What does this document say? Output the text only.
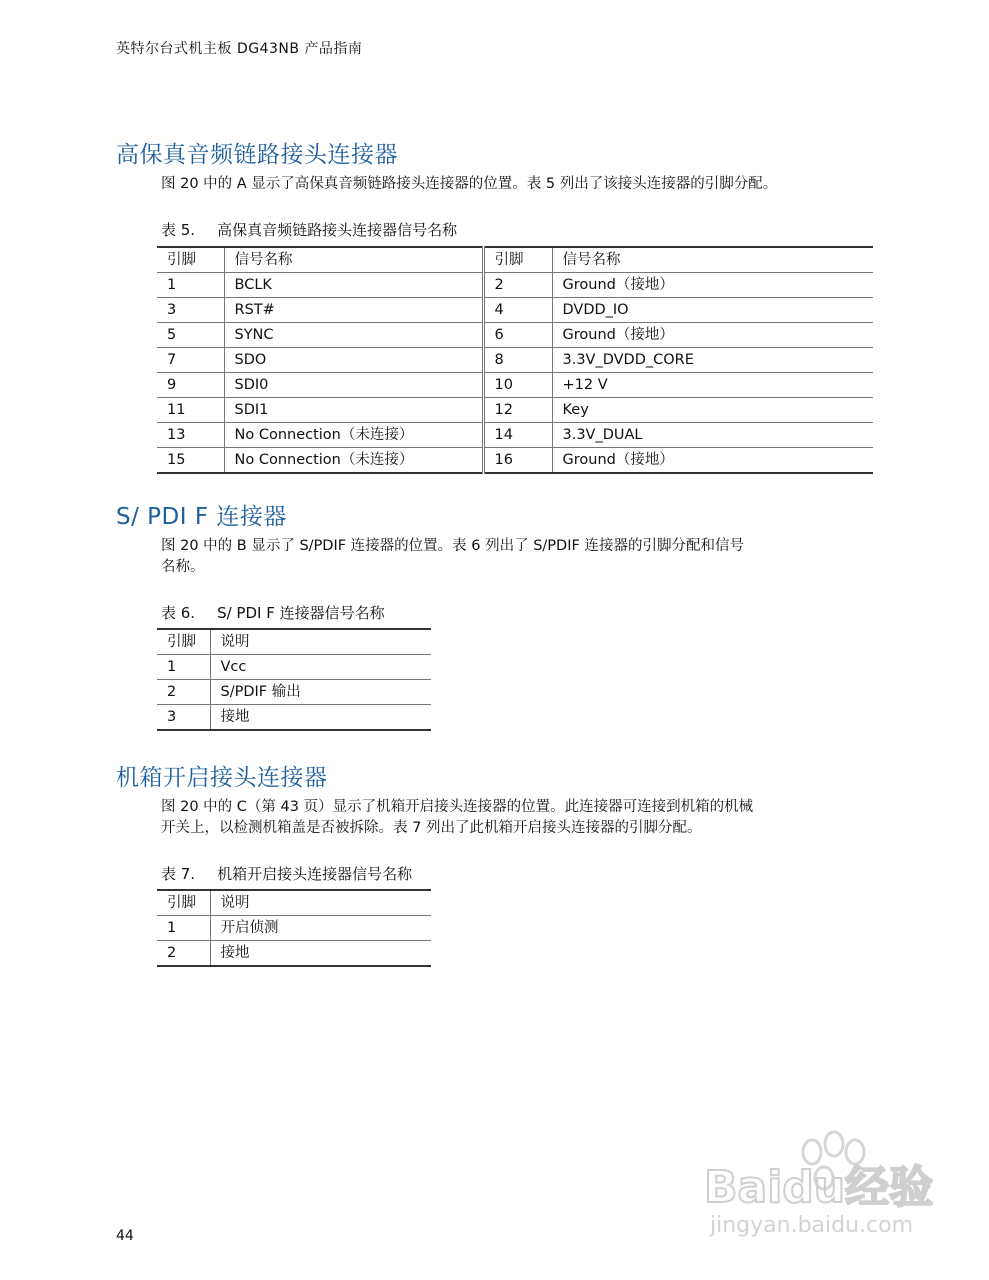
英特尔台式机主板 DG43NB 产品指南
高保真音频链路接头连接器
图 20 中的 A 显示了高保真音频链路接头连接器的位置。表 5 列出了该接头连接器的引脚分配。
表 5. 高保真音频链路接头连接器信号名称
引脚	信号名称	引脚	信号名称
1	BCLK	2	Ground（接地）
3	RST#	4	DVDD_IO
5	SYNC	6	Ground（接地）
7	SDO	8	3.3V_DVDD_CORE
9	SDI0	10	+12 V
11	SDI1	12	Key
13	No Connection（未连接）	14	3.3V_DUAL
15	No Connection（未连接）	16	Ground（接地）
S/ PDI F 连接器
图 20 中的 B 显示了 S/PDIF 连接器的位置。表 6 列出了 S/PDIF 连接器的引脚分配和信号
名称。
表 6. S/ PDI F 连接器信号名称
引脚	说明
1	Vcc
2	S/PDIF 输出
3	接地
机箱开启接头连接器
图 20 中的 C（第 43 页）显示了机箱开启接头连接器的位置。此连接器可连接到机箱的机械
开关上，以检测机箱盖是否被拆除。表 7 列出了此机箱开启接头连接器的引脚分配。
表 7. 机箱开启接头连接器信号名称
引脚	说明
1	开启侦测
2	接地
Baidu经验
jingyan.baidu.com
44
